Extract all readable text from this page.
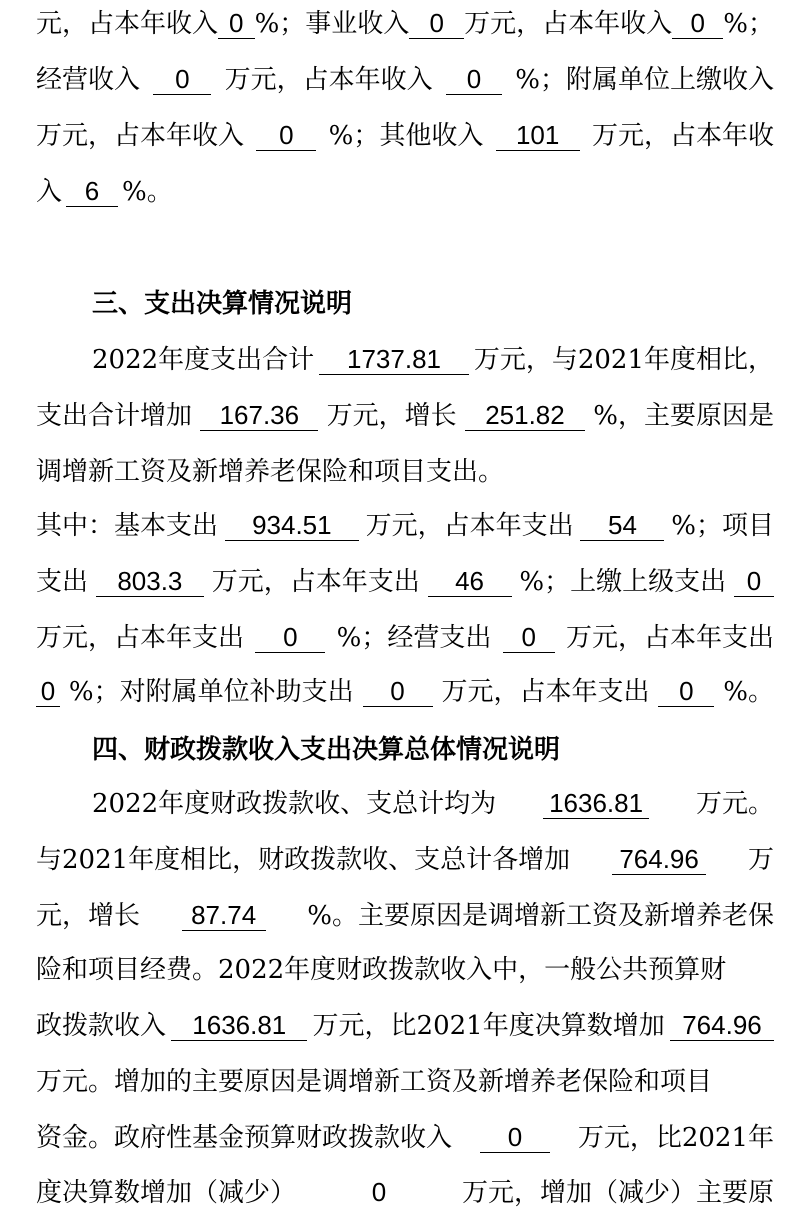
元，占本年收入 0 %；事业收入 0 万元，占本年收入 0 %；
经营收入	0	万元，占本年收入	0	%；附属单位上缴收入
万元，占本年收入	0	%；其他收入	101	万元，占本年收
入 6 %。
三、支出决算情况说明
2022年度支出合计	1737.81	万元，与2021年度相比，
支出合计增加	167.36	万元，增长	251.82	%，主要原因是
调增新工资及新增养老保险和项目支出。
其中：基本支出	934.51	万元，占本年支出	54	%；项目
支出	803.3	万元，占本年支出	46	%；上缴上级支出 0
万元，占本年支出	0	%；经营支出	0	万元，占本年支出
0 %；对附属单位补助支出	0	万元，占本年支出	0	%。
四、财政拨款收入支出决算总体情况说明
2022年度财政拨款收、支总计均为 1636.81 万元。
与2021年度相比，财政拨款收、支总计各增加 764.96 万
元，增长	87.74	%。主要原因是调增新工资及新增养老保
险和项目经费。2022年度财政拨款收入中，一般公共预算财
政拨款收入	1636.81	万元，比2021年度决算数增加 764.96
万元。增加的主要原因是调增新工资及新增养老保险和项目
资金。政府性基金预算财政拨款收入	0	万元，比2021年
度决算数增加（减少）	0	万元，增加（减少）主要原
